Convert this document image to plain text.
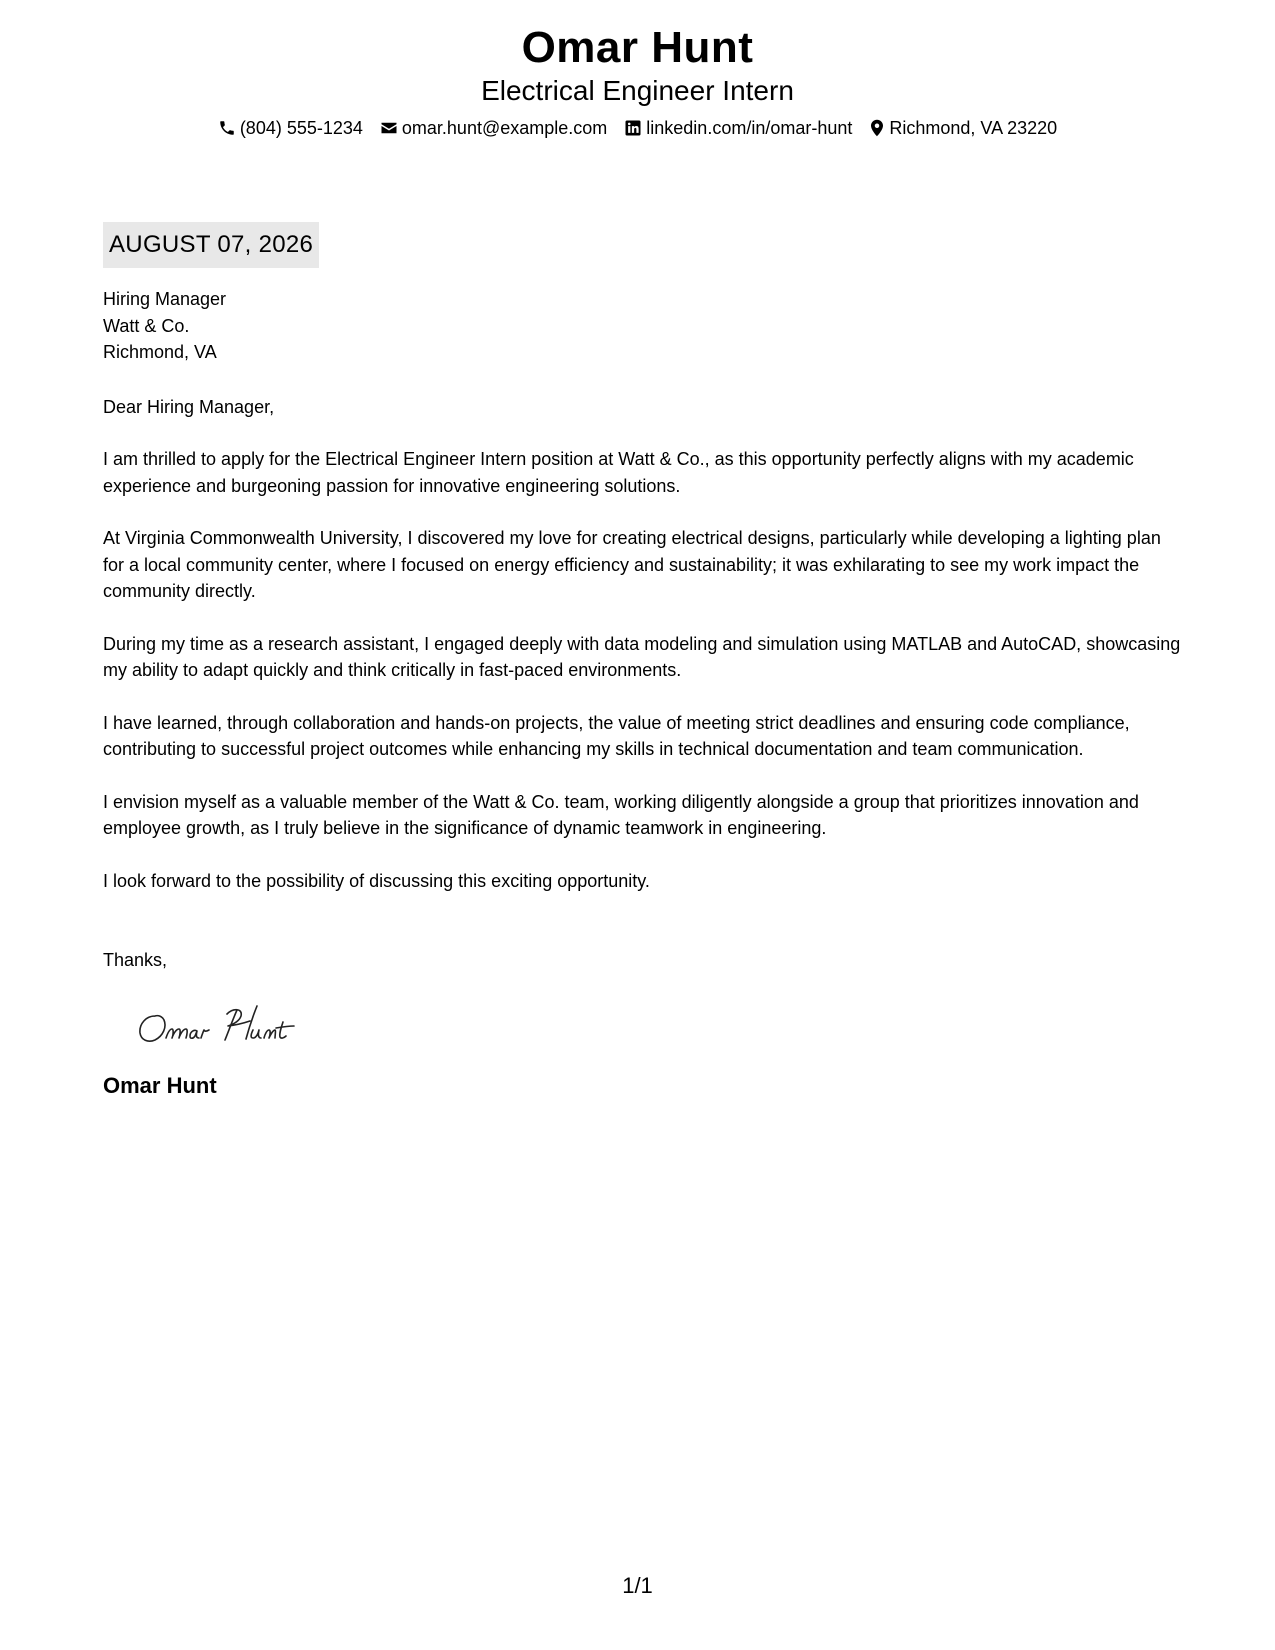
Omar Hunt
Electrical Engineer Intern
(804) 555-1234 omar.hunt@example.com linkedin.com/in/omar-hunt Richmond, VA 23220
AUGUST 07, 2026
Hiring Manager
Watt & Co.
Richmond, VA
Dear Hiring Manager,
I am thrilled to apply for the Electrical Engineer Intern position at Watt & Co., as this opportunity perfectly aligns with my academic experience and burgeoning passion for innovative engineering solutions.
At Virginia Commonwealth University, I discovered my love for creating electrical designs, particularly while developing a lighting plan for a local community center, where I focused on energy efficiency and sustainability; it was exhilarating to see my work impact the community directly.
During my time as a research assistant, I engaged deeply with data modeling and simulation using MATLAB and AutoCAD, showcasing my ability to adapt quickly and think critically in fast-paced environments.
I have learned, through collaboration and hands-on projects, the value of meeting strict deadlines and ensuring code compliance, contributing to successful project outcomes while enhancing my skills in technical documentation and team communication.
I envision myself as a valuable member of the Watt & Co. team, working diligently alongside a group that prioritizes innovation and employee growth, as I truly believe in the significance of dynamic teamwork in engineering.
I look forward to the possibility of discussing this exciting opportunity.
Thanks,
Omar Hunt
1/1
